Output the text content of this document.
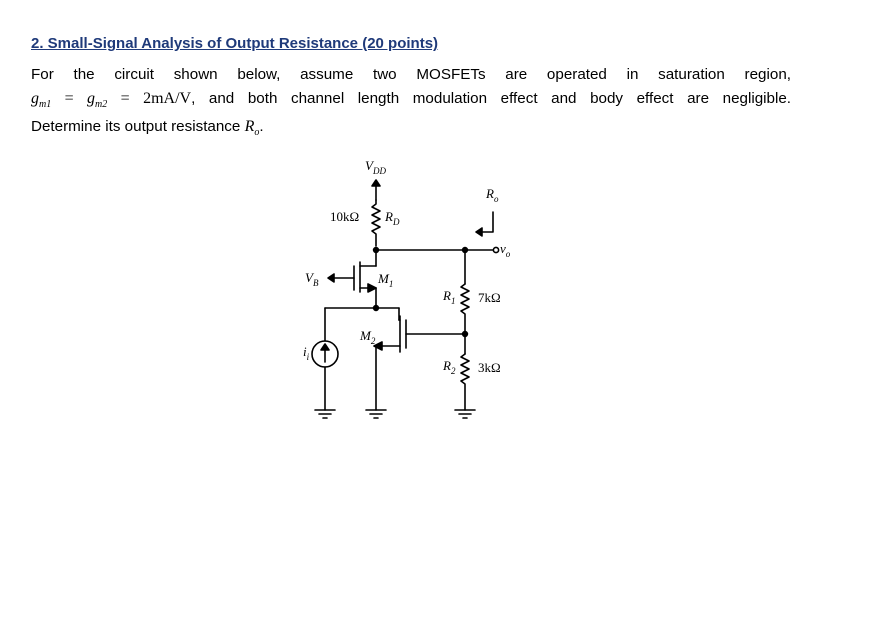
2. Small-Signal Analysis of Output Resistance (20 points)
For the circuit shown below, assume two MOSFETs are operated in saturation region,
$g_{m1} = g_{m2} = 2mA/V$, and both channel length modulation effect and body effect are negligible.
Determine its output resistance $R_o$.
$V_{DD}$
10kΩ $R_D$
$v_o$
$R_o$
$V_B$	$M_1$
$M_2$
$i_i$
$R_1$ 7kΩ
$R_2$ 3kΩ
